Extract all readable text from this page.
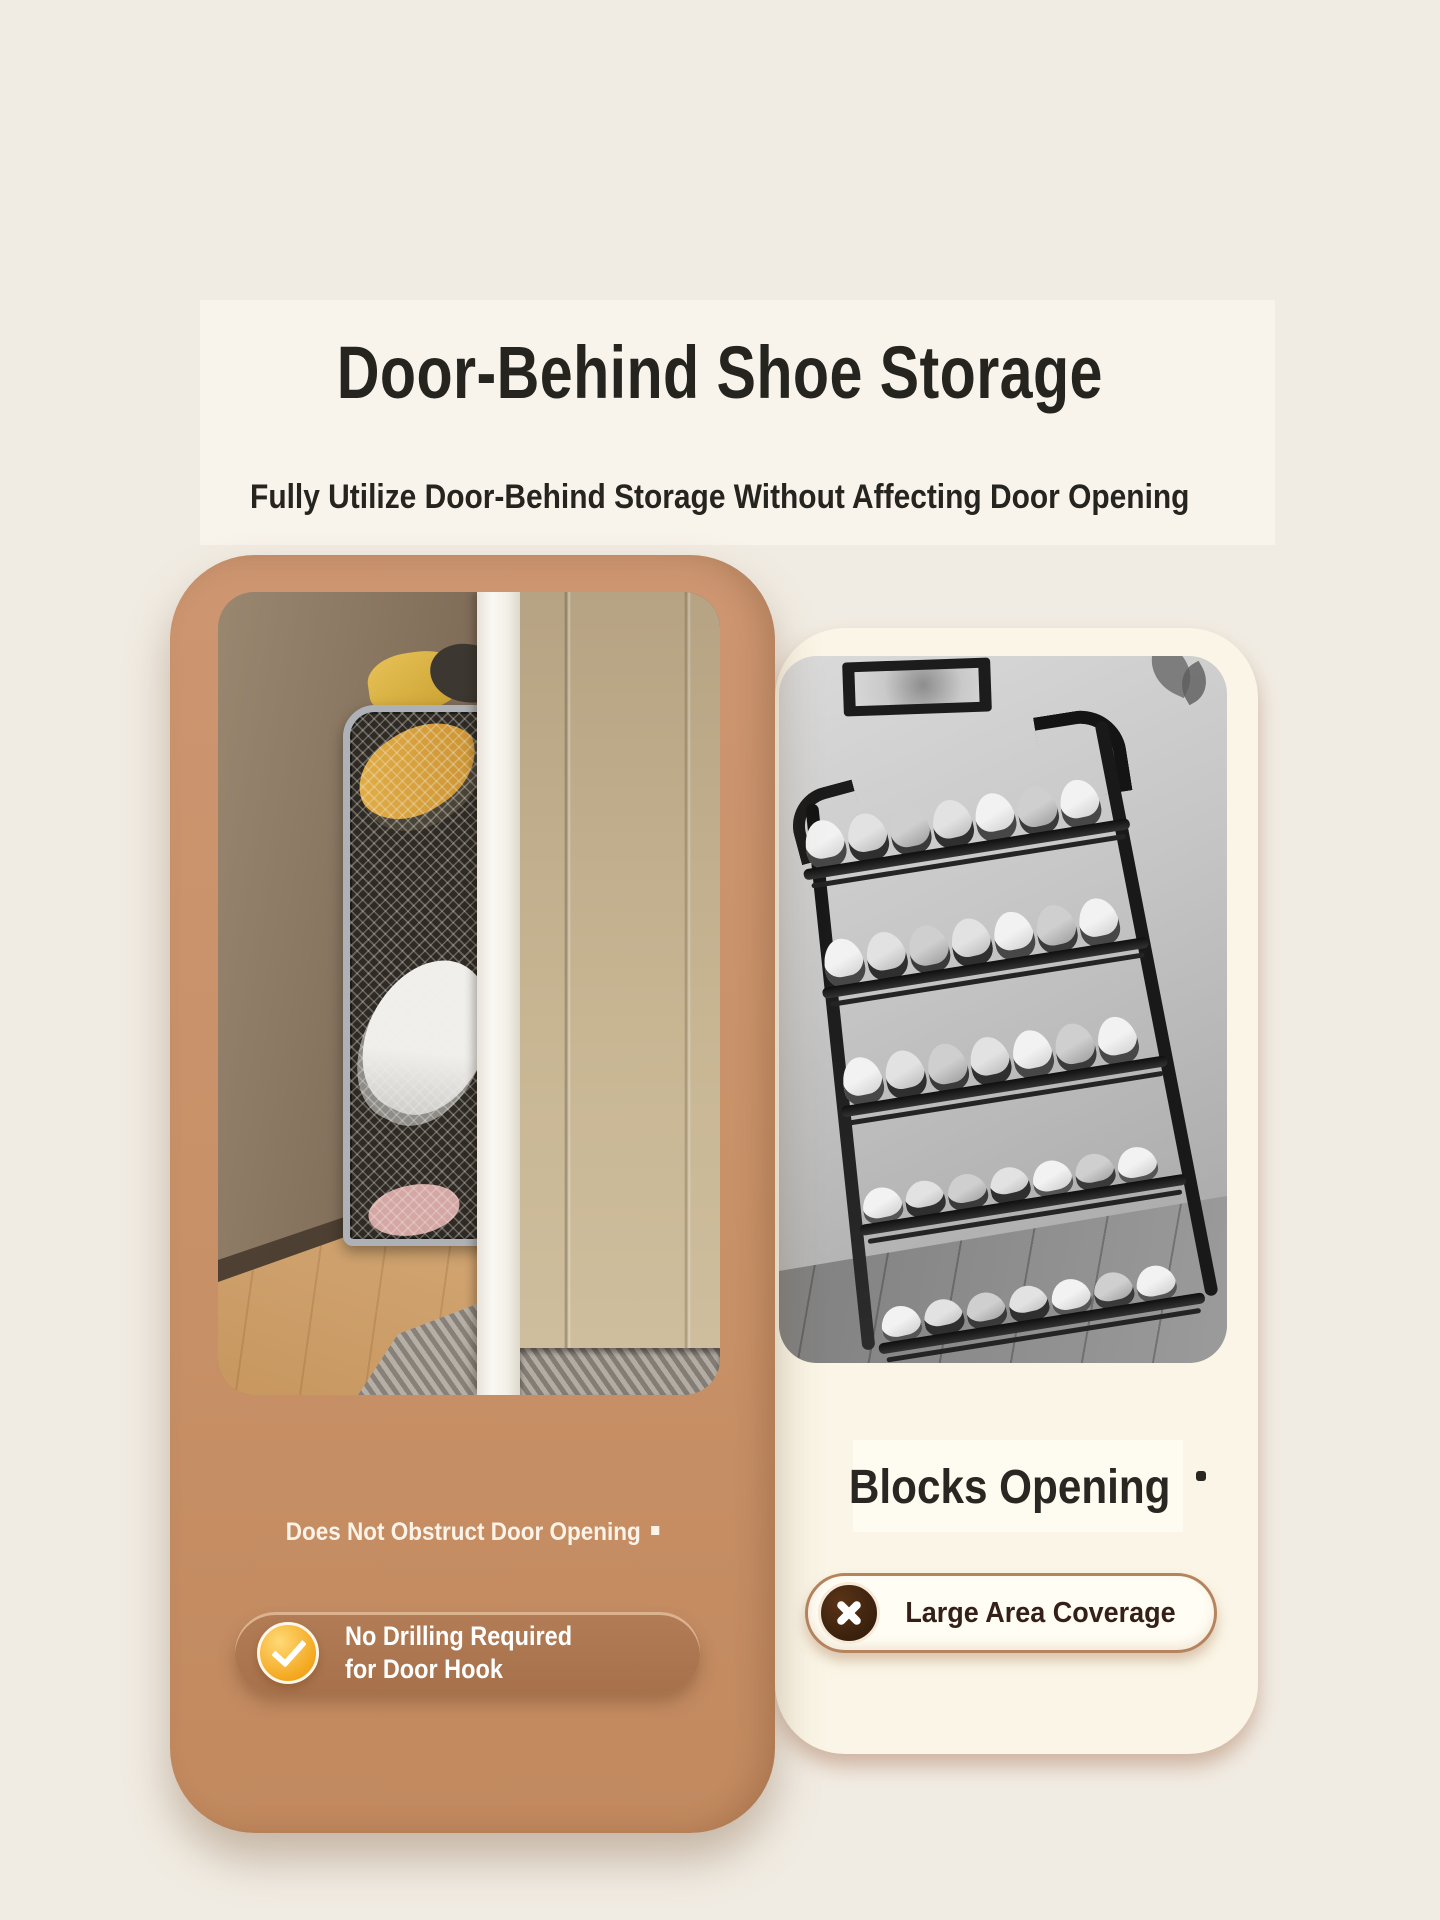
Door-Behind Shoe Storage
Fully Utilize Door-Behind Storage Without Affecting Door Opening
Blocks Opening
Large Area Coverage
Does Not Obstruct Door Opening
No Drilling Required
for Door Hook
